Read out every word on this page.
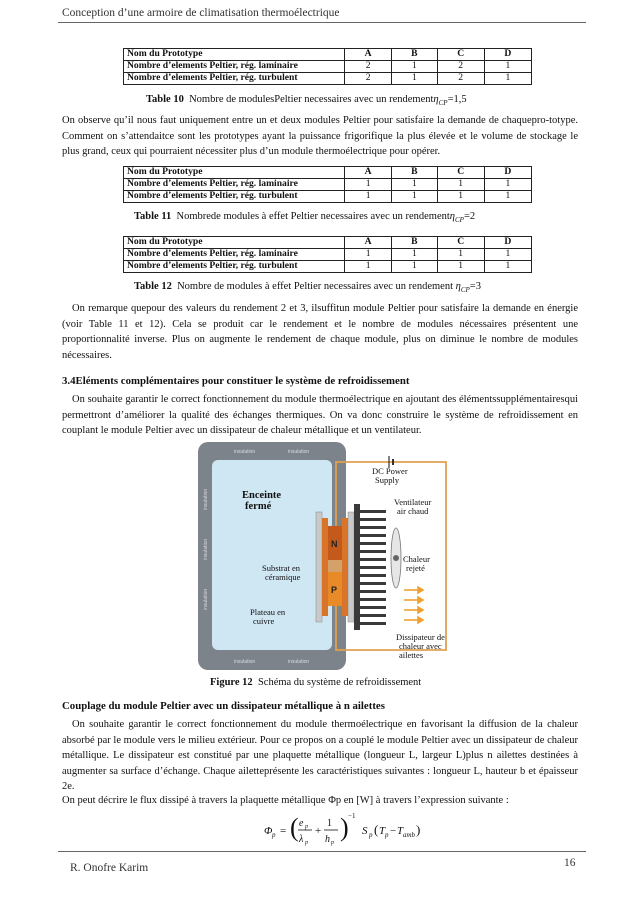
Conception d’une armoire de climatisation thermoélectrique
Nom du Prototype	A	B	C	D
Nombre d’elements Peltier, rég. laminaire	2	1	2	1
Nombre d’elements Peltier, rég. turbulent	2	1	2	1
Table 10 Nombre de modulesPeltier necessaires avec un rendementη$_{CP}$=1,5
On observe qu’il nous faut uniquement entre un et deux modules Peltier pour satisfaire la demande de chaquepro-totype. Comment on s’attendaitce sont les prototypes ayant la puissance frigorifique la plus élevée et le volume de stockage le plus grand, ceux qui pourraient nécessiter plus d’un module thermoélectrique pour opérer.
Nom du Prototype	A	B	C	D
Nombre d’elements Peltier, rég. laminaire	1	1	1	1
Nombre d’elements Peltier, rég. turbulent	1	1	1	1
Table 11 Nombrede modules à effet Peltier necessaires avec un rendementη$_{CP}$=2
Nom du Prototype	A	B	C	D
Nombre d’elements Peltier, rég. laminaire	1	1	1	1
Nombre d’elements Peltier, rég. turbulent	1	1	1	1
Table 12 Nombre de modules à effet Peltier necessaires avec un rendement $\eta_{CP}=3$
On remarque quepour des valeurs du rendement 2 et 3, ilsuffitun module Peltier pour satisfaire la demande en énergie (voir Table 11 et 12). Cela se produit car le rendement et le nombre de modules nécessaires présentent une proportionnalité inverse. Plus on augmente le rendement de chaque module, plus on diminue le nombre de modules nécessaires.
3.4Eléments complémentaires pour constituer le système de refroidissement
On souhaite garantir le correct fonctionnement du module thermoélectrique en ajoutant des élémentssupplémentairesqui permettront d’améliorer la qualité des échanges thermiques. On va donc construire le système de refroidissement en couplant le module Peltier avec un dissipateur de chaleur métallique et un ventilateur.
insulation	insulation
insulation	insulation
insulation
insulation
insulation
N
P
Enceinte fermé
Substrat en céramique
Plateau en cuivre
DC Power Supply
Ventilateur air chaud
Chaleur rejeté
Dissipateur de chaleur avec ailettes
Figure 12 Schéma du système de refroidissement
Couplage du module Peltier avec un dissipateur métallique à n ailettes
On souhaite garantir le correct fonctionnement du module thermoélectrique en favorisant la diffusion de la chaleur absorbé par le module vers le milieu extérieur. Pour ce propos on a couplé le module Peltier avec un dissipateur de chaleur métallique. Le dissipateur est constitué par une plaquette métallique (longueur L, largeur L)plus n ailettes destinées à augmenter sa surface d’échange. Chaque ailetteprésente les caractéristiques suivantes : longueur L, hauteur b et épaisseur 2e.
On peut décrire le flux dissipé à travers la plaquette métallique Φp en [W] à travers l’expression suivante :
Φ p = ( e p
λ p
+
1
h p
) −1
S p ( T p − T amb )
R. Onofre Karim	16
